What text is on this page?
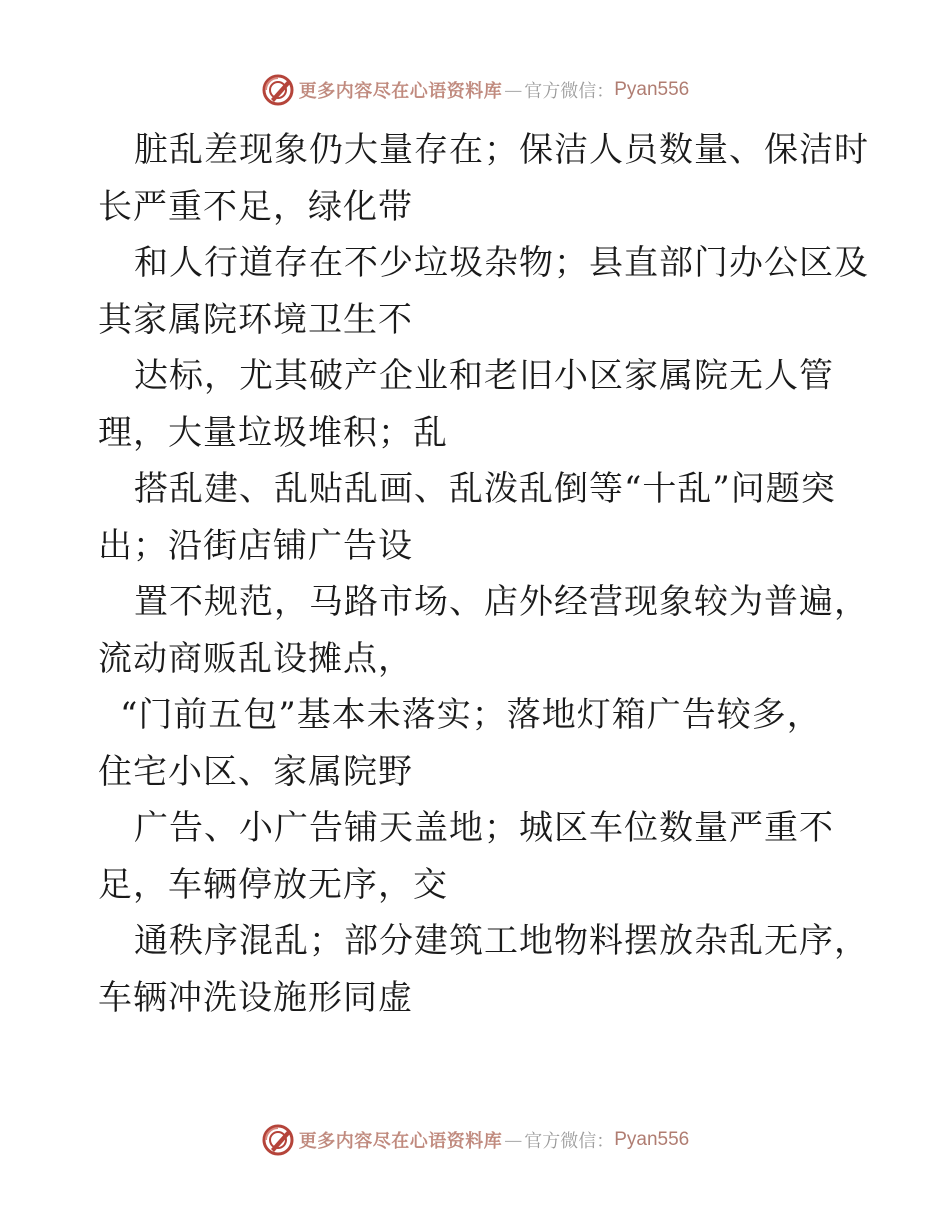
更多内容尽在心语资料库 — 官方微信： Pyan556
脏乱差现象仍大量存在；保洁人员数量、保洁时
长严重不足，绿化带
和人行道存在不少垃圾杂物；县直部门办公区及
其家属院环境卫生不
达标，尤其破产企业和老旧小区家属院无人管
理，大量垃圾堆积；乱
搭乱建、乱贴乱画、乱泼乱倒等“十乱”问题突
出；沿街店铺广告设
置不规范，马路市场、店外经营现象较为普遍，
流动商贩乱设摊点，
“门前五包”基本未落实；落地灯箱广告较多，
住宅小区、家属院野
广告、小广告铺天盖地；城区车位数量严重不
足，车辆停放无序，交
通秩序混乱；部分建筑工地物料摆放杂乱无序，
车辆冲洗设施形同虚
更多内容尽在心语资料库 — 官方微信： Pyan556
